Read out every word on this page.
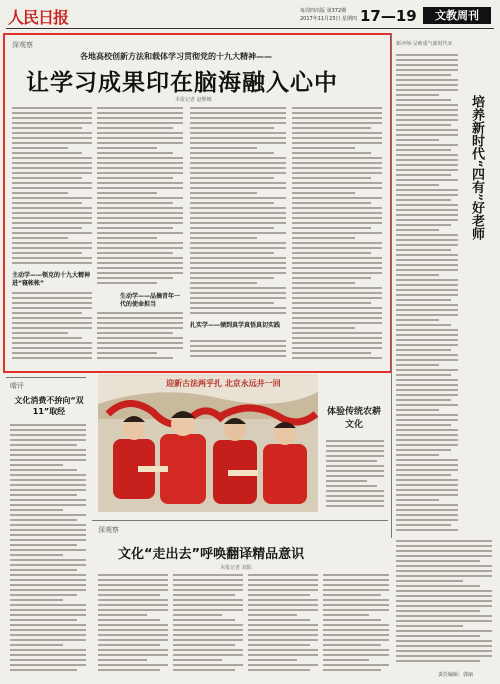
人民日报	每周四出版 第372期
2017年11月23日 星期四 17—19	文教周刊
深观察
各地高校创新方法和载体学习贯彻党的十九大精神——
让学习成果印在脑海融入心中
本报记者 赵婀娜
主动学——领克的十九大精神进“寝帐帐”
生动学——品摘青年一代的使命担当
扎实学——倾到真学真悟真切实践
新评师·呈师重气新时代③
培养新时代“四有”好老师
晴评
文化消费不拚向“双11”取经
迎新古法两乎扎 北京永远井一回
体验传统农耕文化
深观察
文化“走出去”呼唤翻译精品意识
本报记者 刘阳
责任编辑：郭丽
